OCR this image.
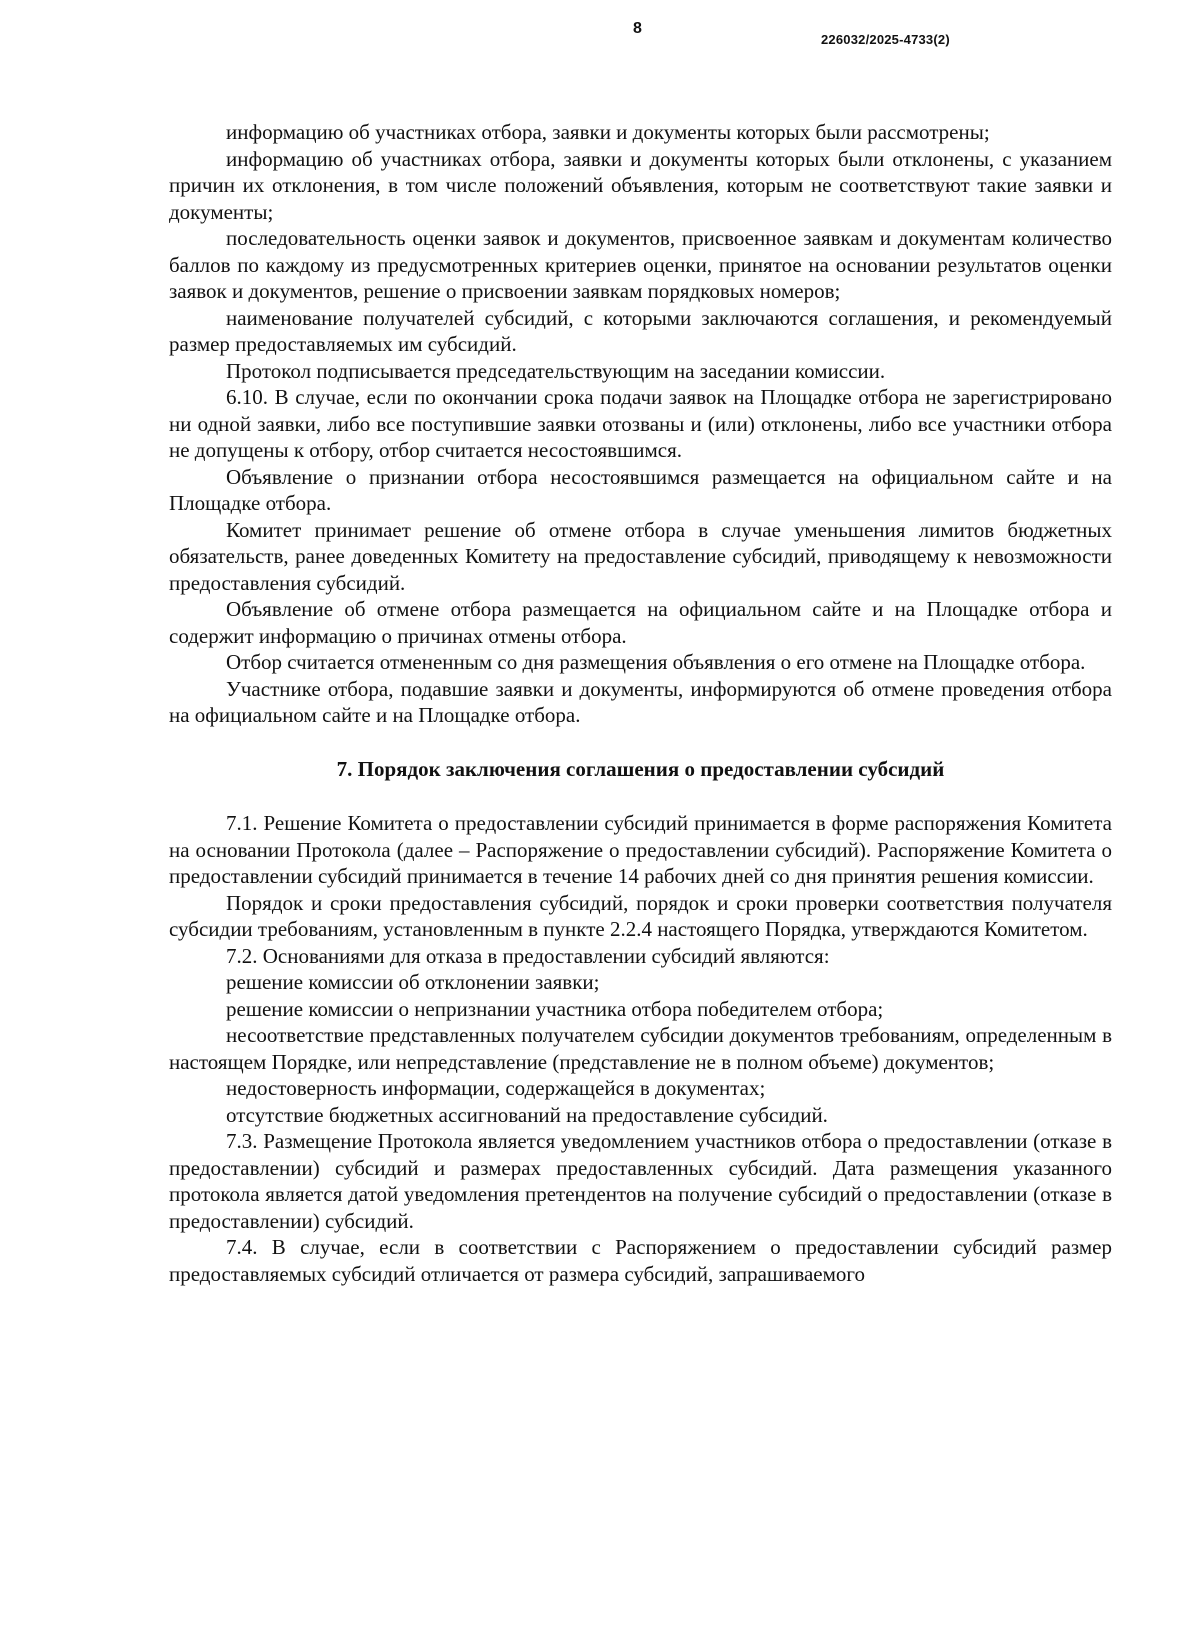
8
226032/2025-4733(2)

информацию об участниках отбора, заявки и документы которых были рассмотрены;

информацию об участниках отбора, заявки и документы которых были отклонены, с указанием причин их отклонения, в том числе положений объявления, которым не соответствуют такие заявки и документы;

последовательность оценки заявок и документов, присвоенное заявкам и документам количество баллов по каждому из предусмотренных критериев оценки, принятое на основании результатов оценки заявок и документов, решение о присвоении заявкам порядковых номеров;

наименование получателей субсидий, с которыми заключаются соглашения, и рекомендуемый размер предоставляемых им субсидий.

Протокол подписывается председательствующим на заседании комиссии.

6.10. В случае, если по окончании срока подачи заявок на Площадке отбора не зарегистрировано ни одной заявки, либо все поступившие заявки отозваны и (или) отклонены, либо все участники отбора не допущены к отбору, отбор считается несостоявшимся.

Объявление о признании отбора несостоявшимся размещается на официальном сайте и на Площадке отбора.

Комитет принимает решение об отмене отбора в случае уменьшения лимитов бюджетных обязательств, ранее доведенных Комитету на предоставление субсидий, приводящему к невозможности предоставления субсидий.

Объявление об отмене отбора размещается на официальном сайте и на Площадке отбора и содержит информацию о причинах отмены отбора.

Отбор считается отмененным со дня размещения объявления о его отмене на Площадке отбора.

Участнике отбора, подавшие заявки и документы, информируются об отмене проведения отбора на официальном сайте и на Площадке отбора.

7. Порядок заключения соглашения о предоставлении субсидий

7.1. Решение Комитета о предоставлении субсидий принимается в форме распоряжения Комитета на основании Протокола (далее – Распоряжение о предоставлении субсидий). Распоряжение Комитета о предоставлении субсидий принимается в течение 14 рабочих дней со дня принятия решения комиссии.

Порядок и сроки предоставления субсидий, порядок и сроки проверки соответствия получателя субсидии требованиям, установленным в пункте 2.2.4 настоящего Порядка, утверждаются Комитетом.

7.2. Основаниями для отказа в предоставлении субсидий являются:

решение комиссии об отклонении заявки;

решение комиссии о непризнании участника отбора победителем отбора;

несоответствие представленных получателем субсидии документов требованиям, определенным в настоящем Порядке, или непредставление (представление не в полном объеме) документов;

недостоверность информации, содержащейся в документах;

отсутствие бюджетных ассигнований на предоставление субсидий.

7.3. Размещение Протокола является уведомлением участников отбора о предоставлении (отказе в предоставлении) субсидий и размерах предоставленных субсидий. Дата размещения указанного протокола является датой уведомления претендентов на получение субсидий о предоставлении (отказе в предоставлении) субсидий.

7.4. В случае, если в соответствии с Распоряжением о предоставлении субсидий размер предоставляемых субсидий отличается от размера субсидий, запрашиваемого
